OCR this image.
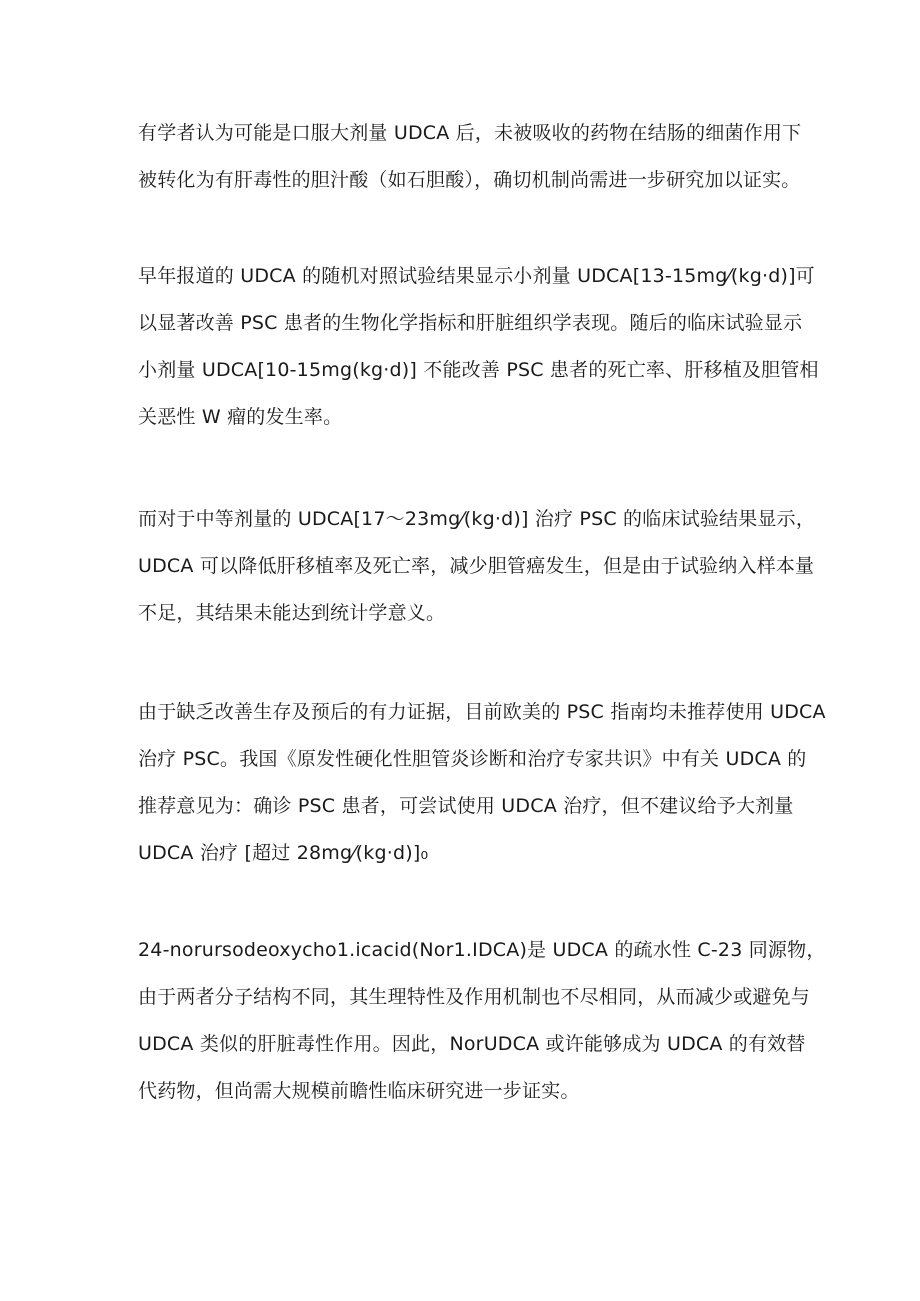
有学者认为可能是口服大剂量 UDCA 后，未被吸收的药物在结肠的细菌作用下
被转化为有肝毒性的胆汁酸（如石胆酸），确切机制尚需进一步研究加以证实。

早年报道的 UDCA 的随机对照试验结果显示小剂量 UDCA[13-15mg⁄(kg·d)]可
以显著改善 PSC 患者的生物化学指标和肝脏组织学表现。随后的临床试验显示
小剂量 UDCA[10-15mg(kg·d)] 不能改善 PSC 患者的死亡率、肝移植及胆管相
关恶性 W 瘤的发生率。

而对于中等剂量的 UDCA[17～23mg⁄(kg·d)] 治疗 PSC 的临床试验结果显示，
UDCA 可以降低肝移植率及死亡率，减少胆管癌发生，但是由于试验纳入样本量
不足，其结果未能达到统计学意义。

由于缺乏改善生存及预后的有力证据，目前欧美的 PSC 指南均未推荐使用 UDCA
治疗 PSC。我国《原发性硬化性胆管炎诊断和治疗专家共识》中有关 UDCA 的
推荐意见为：确诊 PSC 患者，可尝试使用 UDCA 治疗，但不建议给予大剂量
UDCA 治疗 [超过 28mg⁄(kg·d)]₀

24-norursodeoxycho1.icacid(Nor1.IDCA)是 UDCA 的疏水性 C-23 同源物，
由于两者分子结构不同，其生理特性及作用机制也不尽相同，从而减少或避免与
UDCA 类似的肝脏毒性作用。因此，NorUDCA 或许能够成为 UDCA 的有效替
代药物，但尚需大规模前瞻性临床研究进一步证实。
